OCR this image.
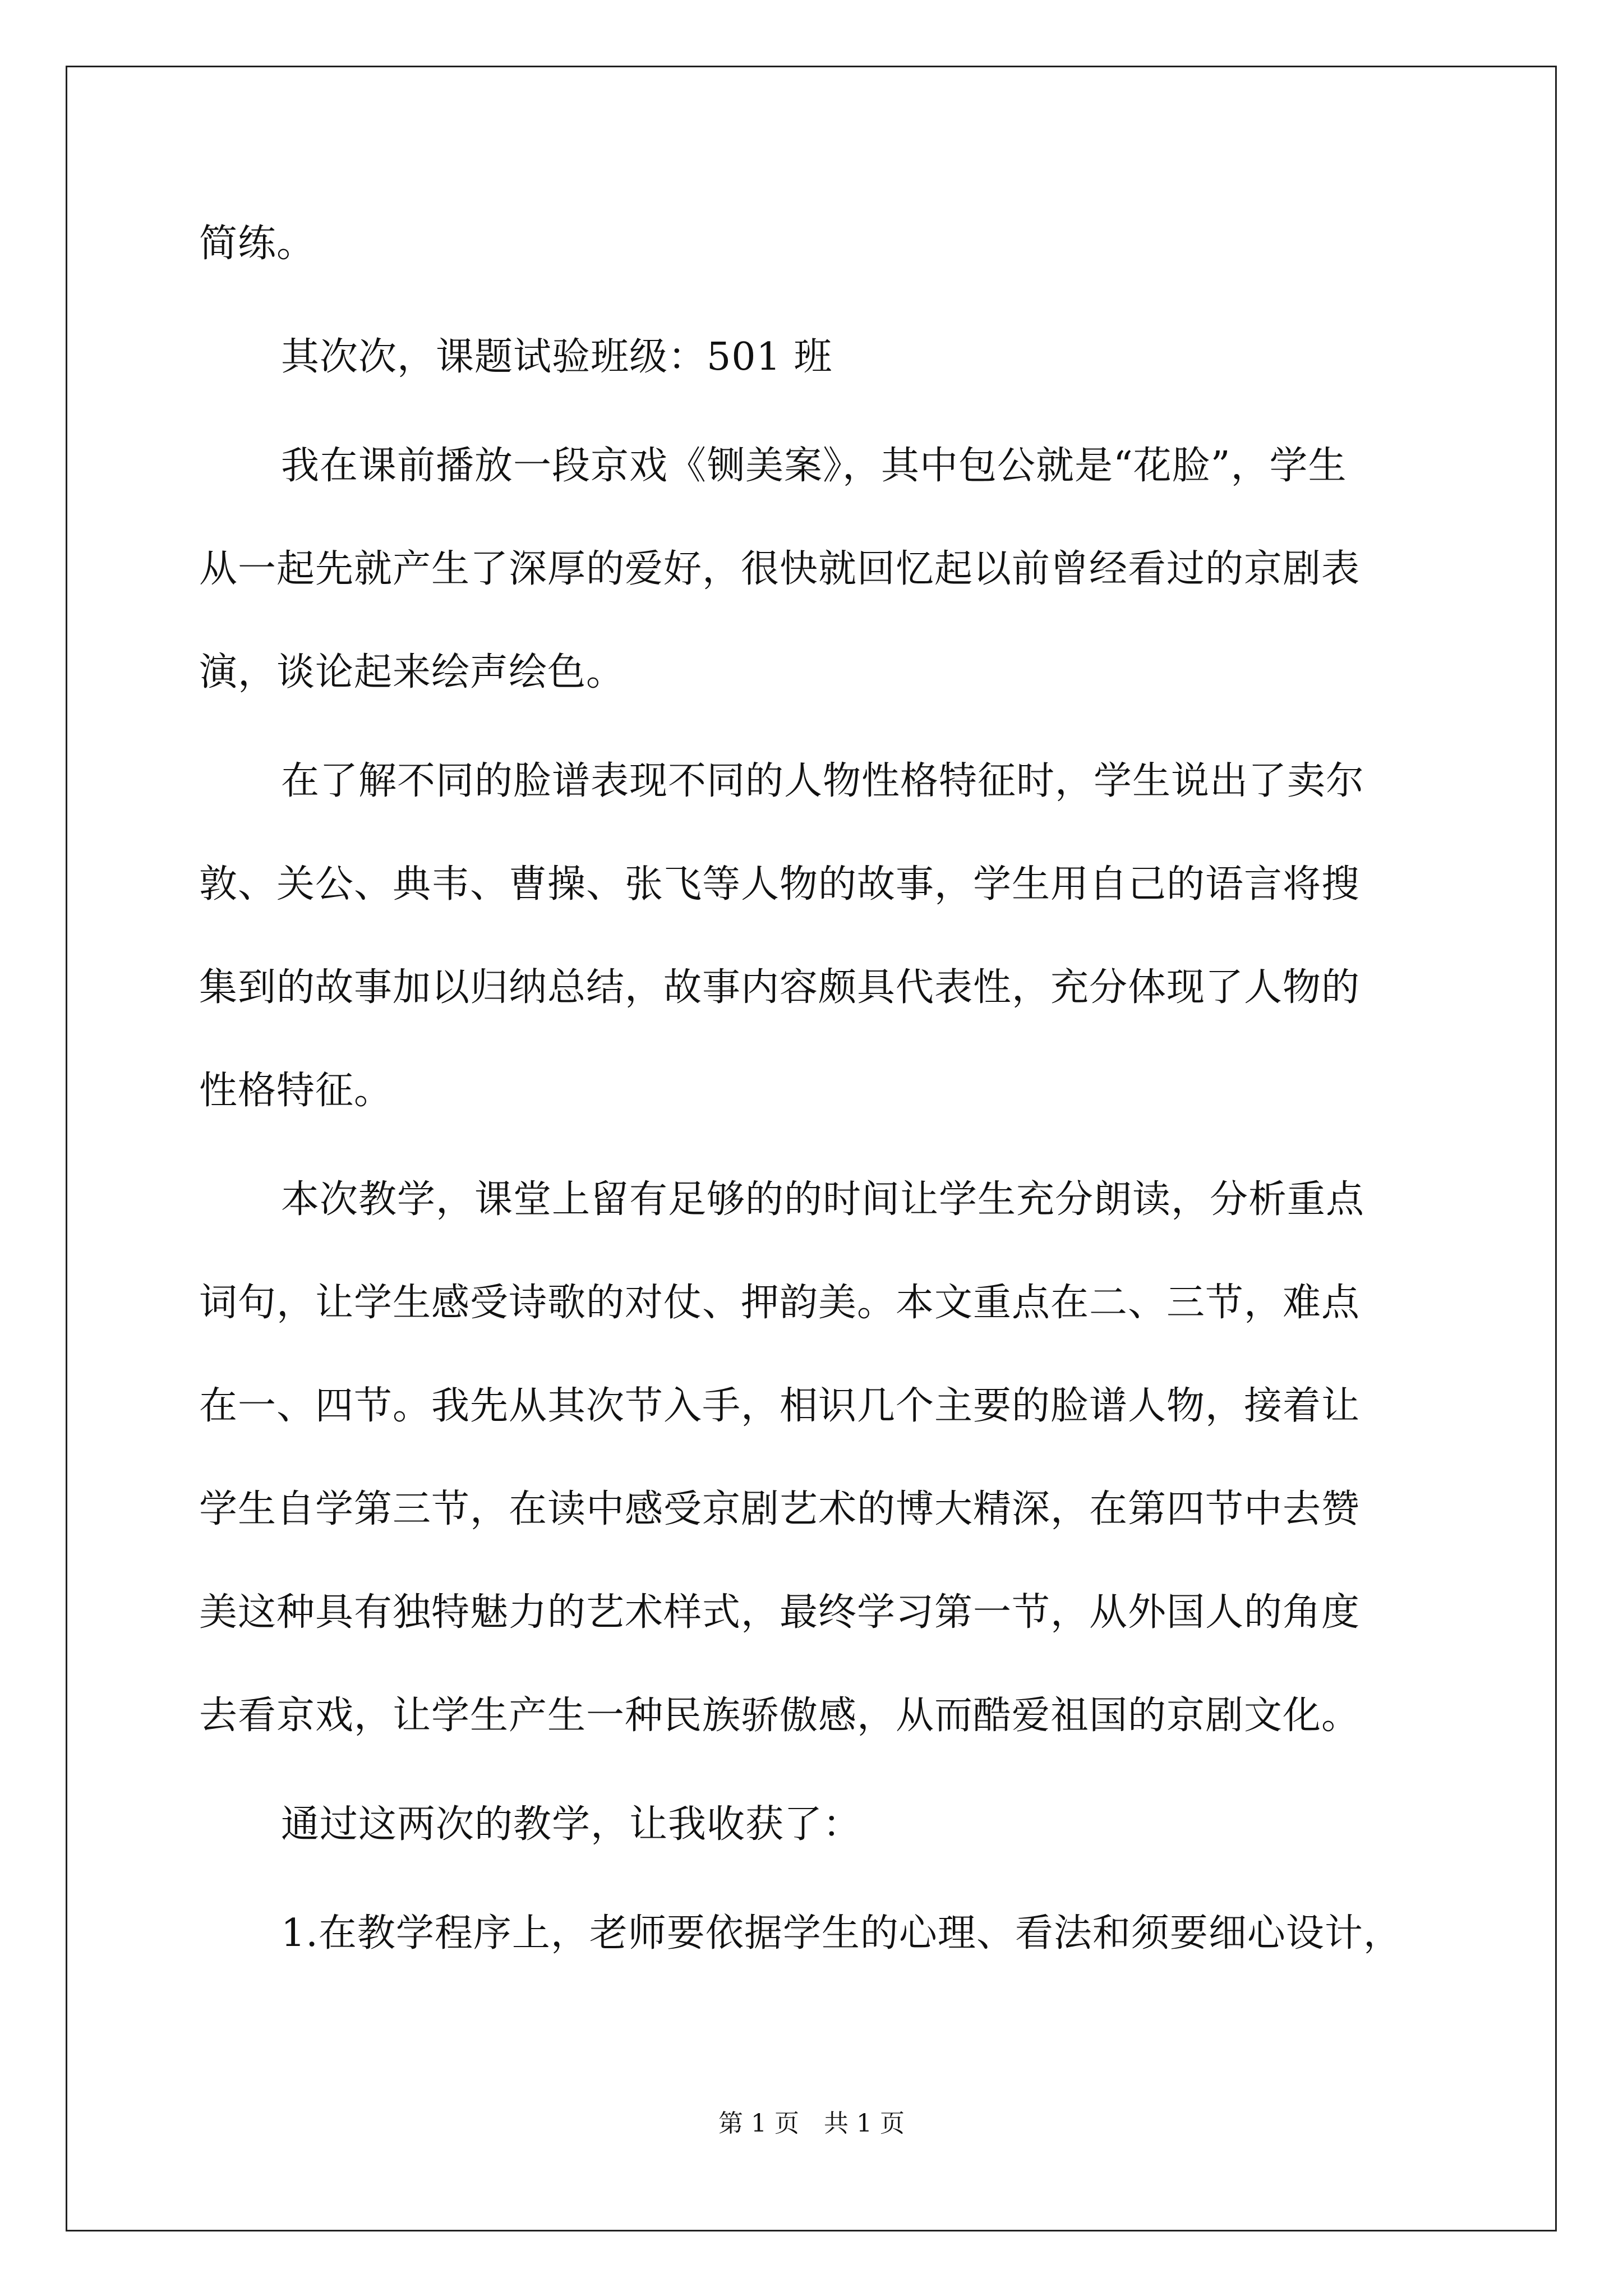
简练。
其次次，课题试验班级：501 班
我在课前播放一段京戏《铡美案》，其中包公就是“花脸”，学生
从一起先就产生了深厚的爱好，很快就回忆起以前曾经看过的京剧表
演，谈论起来绘声绘色。
在了解不同的脸谱表现不同的人物性格特征时，学生说出了卖尔
敦、关公、典韦、曹操、张飞等人物的故事，学生用自己的语言将搜
集到的故事加以归纳总结，故事内容颇具代表性，充分体现了人物的
性格特征。
本次教学，课堂上留有足够的的时间让学生充分朗读，分析重点
词句，让学生感受诗歌的对仗、押韵美。本文重点在二、三节，难点
在一、四节。我先从其次节入手，相识几个主要的脸谱人物，接着让
学生自学第三节，在读中感受京剧艺术的博大精深，在第四节中去赞
美这种具有独特魅力的艺术样式，最终学习第一节，从外国人的角度
去看京戏，让学生产生一种民族骄傲感，从而酷爱祖国的京剧文化。
通过这两次的教学，让我收获了：
1.在教学程序上，老师要依据学生的心理、看法和须要细心设计，
第 1 页　共 1 页
